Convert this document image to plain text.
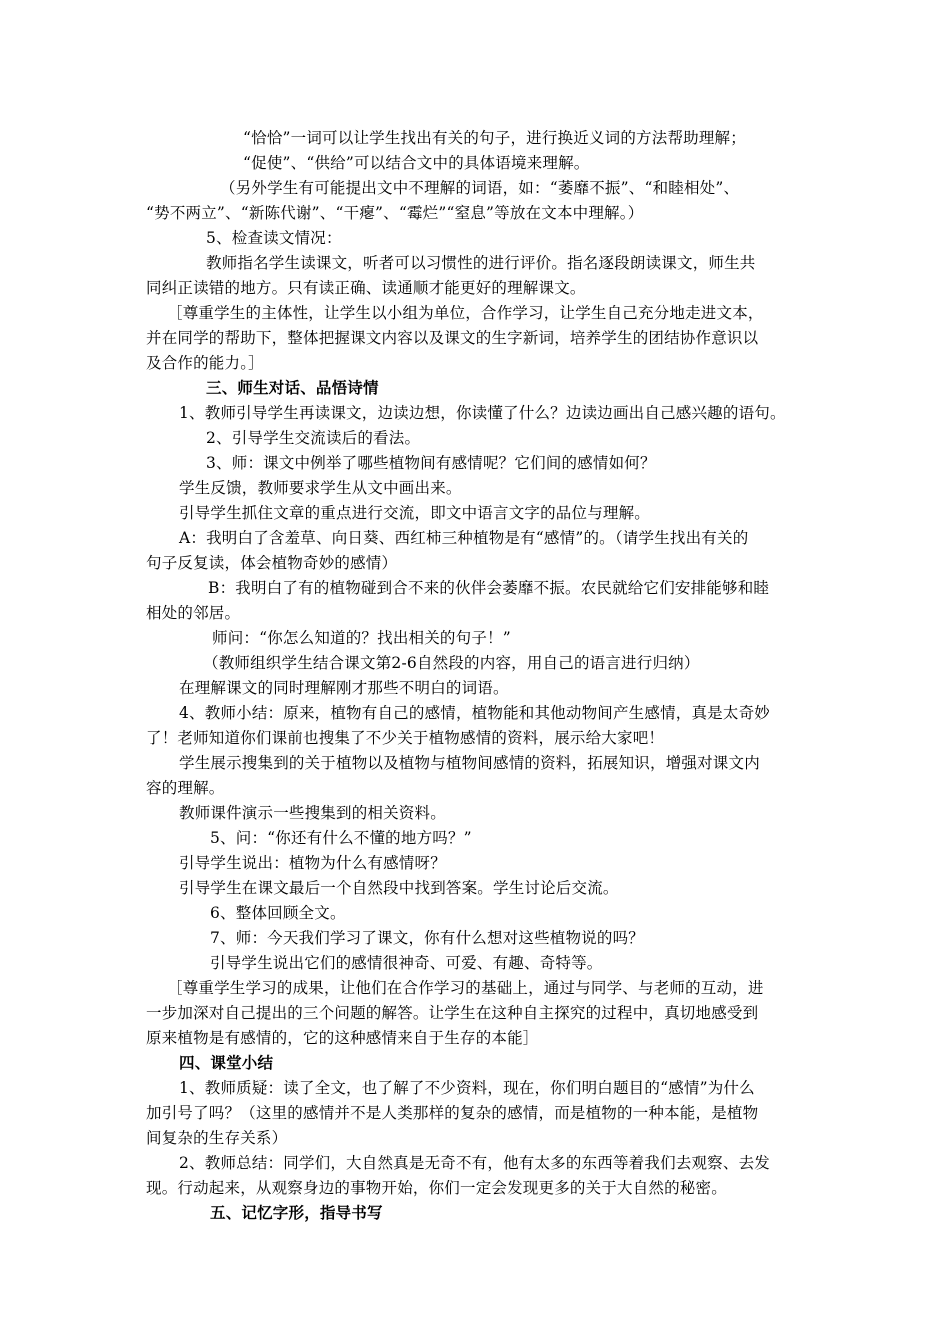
“恰恰”一词可以让学生找出有关的句子，进行换近义词的方法帮助理解；
“促使”、“供给”可以结合文中的具体语境来理解。
（另外学生有可能提出文中不理解的词语，如：“萎靡不振”、“和睦相处”、
“势不两立”、“新陈代谢”、“干瘪”、“霉烂”“窒息”等放在文本中理解。）
5、检查读文情况：
教师指名学生读课文，听者可以习惯性的进行评价。指名逐段朗读课文，师生共
同纠正读错的地方。只有读正确、读通顺才能更好的理解课文。
［尊重学生的主体性，让学生以小组为单位，合作学习，让学生自己充分地走进文本，
并在同学的帮助下，整体把握课文内容以及课文的生字新词，培养学生的团结协作意识以
及合作的能力。］
三、师生对话、品悟诗情
1、教师引导学生再读课文，边读边想，你读懂了什么？边读边画出自己感兴趣的语句。
2、引导学生交流读后的看法。
3、师：课文中例举了哪些植物间有感情呢？它们间的感情如何？
学生反馈，教师要求学生从文中画出来。
引导学生抓住文章的重点进行交流，即文中语言文字的品位与理解。
A：我明白了含羞草、向日葵、西红柿三种植物是有“感情”的。（请学生找出有关的
句子反复读，体会植物奇妙的感情）
B：我明白了有的植物碰到合不来的伙伴会萎靡不振。农民就给它们安排能够和睦
相处的邻居。
师问：“你怎么知道的？找出相关的句子！”
（教师组织学生结合课文第2-6自然段的内容，用自己的语言进行归纳）
在理解课文的同时理解刚才那些不明白的词语。
4、教师小结：原来，植物有自己的感情，植物能和其他动物间产生感情，真是太奇妙
了！老师知道你们课前也搜集了不少关于植物感情的资料，展示给大家吧！
学生展示搜集到的关于植物以及植物与植物间感情的资料，拓展知识，增强对课文内
容的理解。
教师课件演示一些搜集到的相关资料。
5、问：“你还有什么不懂的地方吗？”
引导学生说出：植物为什么有感情呀？
引导学生在课文最后一个自然段中找到答案。学生讨论后交流。
6、整体回顾全文。
7、师：今天我们学习了课文，你有什么想对这些植物说的吗？
引导学生说出它们的感情很神奇、可爱、有趣、奇特等。
［尊重学生学习的成果，让他们在合作学习的基础上，通过与同学、与老师的互动，进
一步加深对自己提出的三个问题的解答。让学生在这种自主探究的过程中，真切地感受到
原来植物是有感情的，它的这种感情来自于生存的本能］
四、课堂小结
1、教师质疑：读了全文，也了解了不少资料，现在，你们明白题目的“感情”为什么
加引号了吗？（这里的感情并不是人类那样的复杂的感情，而是植物的一种本能，是植物
间复杂的生存关系）
2、教师总结：同学们，大自然真是无奇不有，他有太多的东西等着我们去观察、去发
现。行动起来，从观察身边的事物开始，你们一定会发现更多的关于大自然的秘密。
五、记忆字形，指导书写
